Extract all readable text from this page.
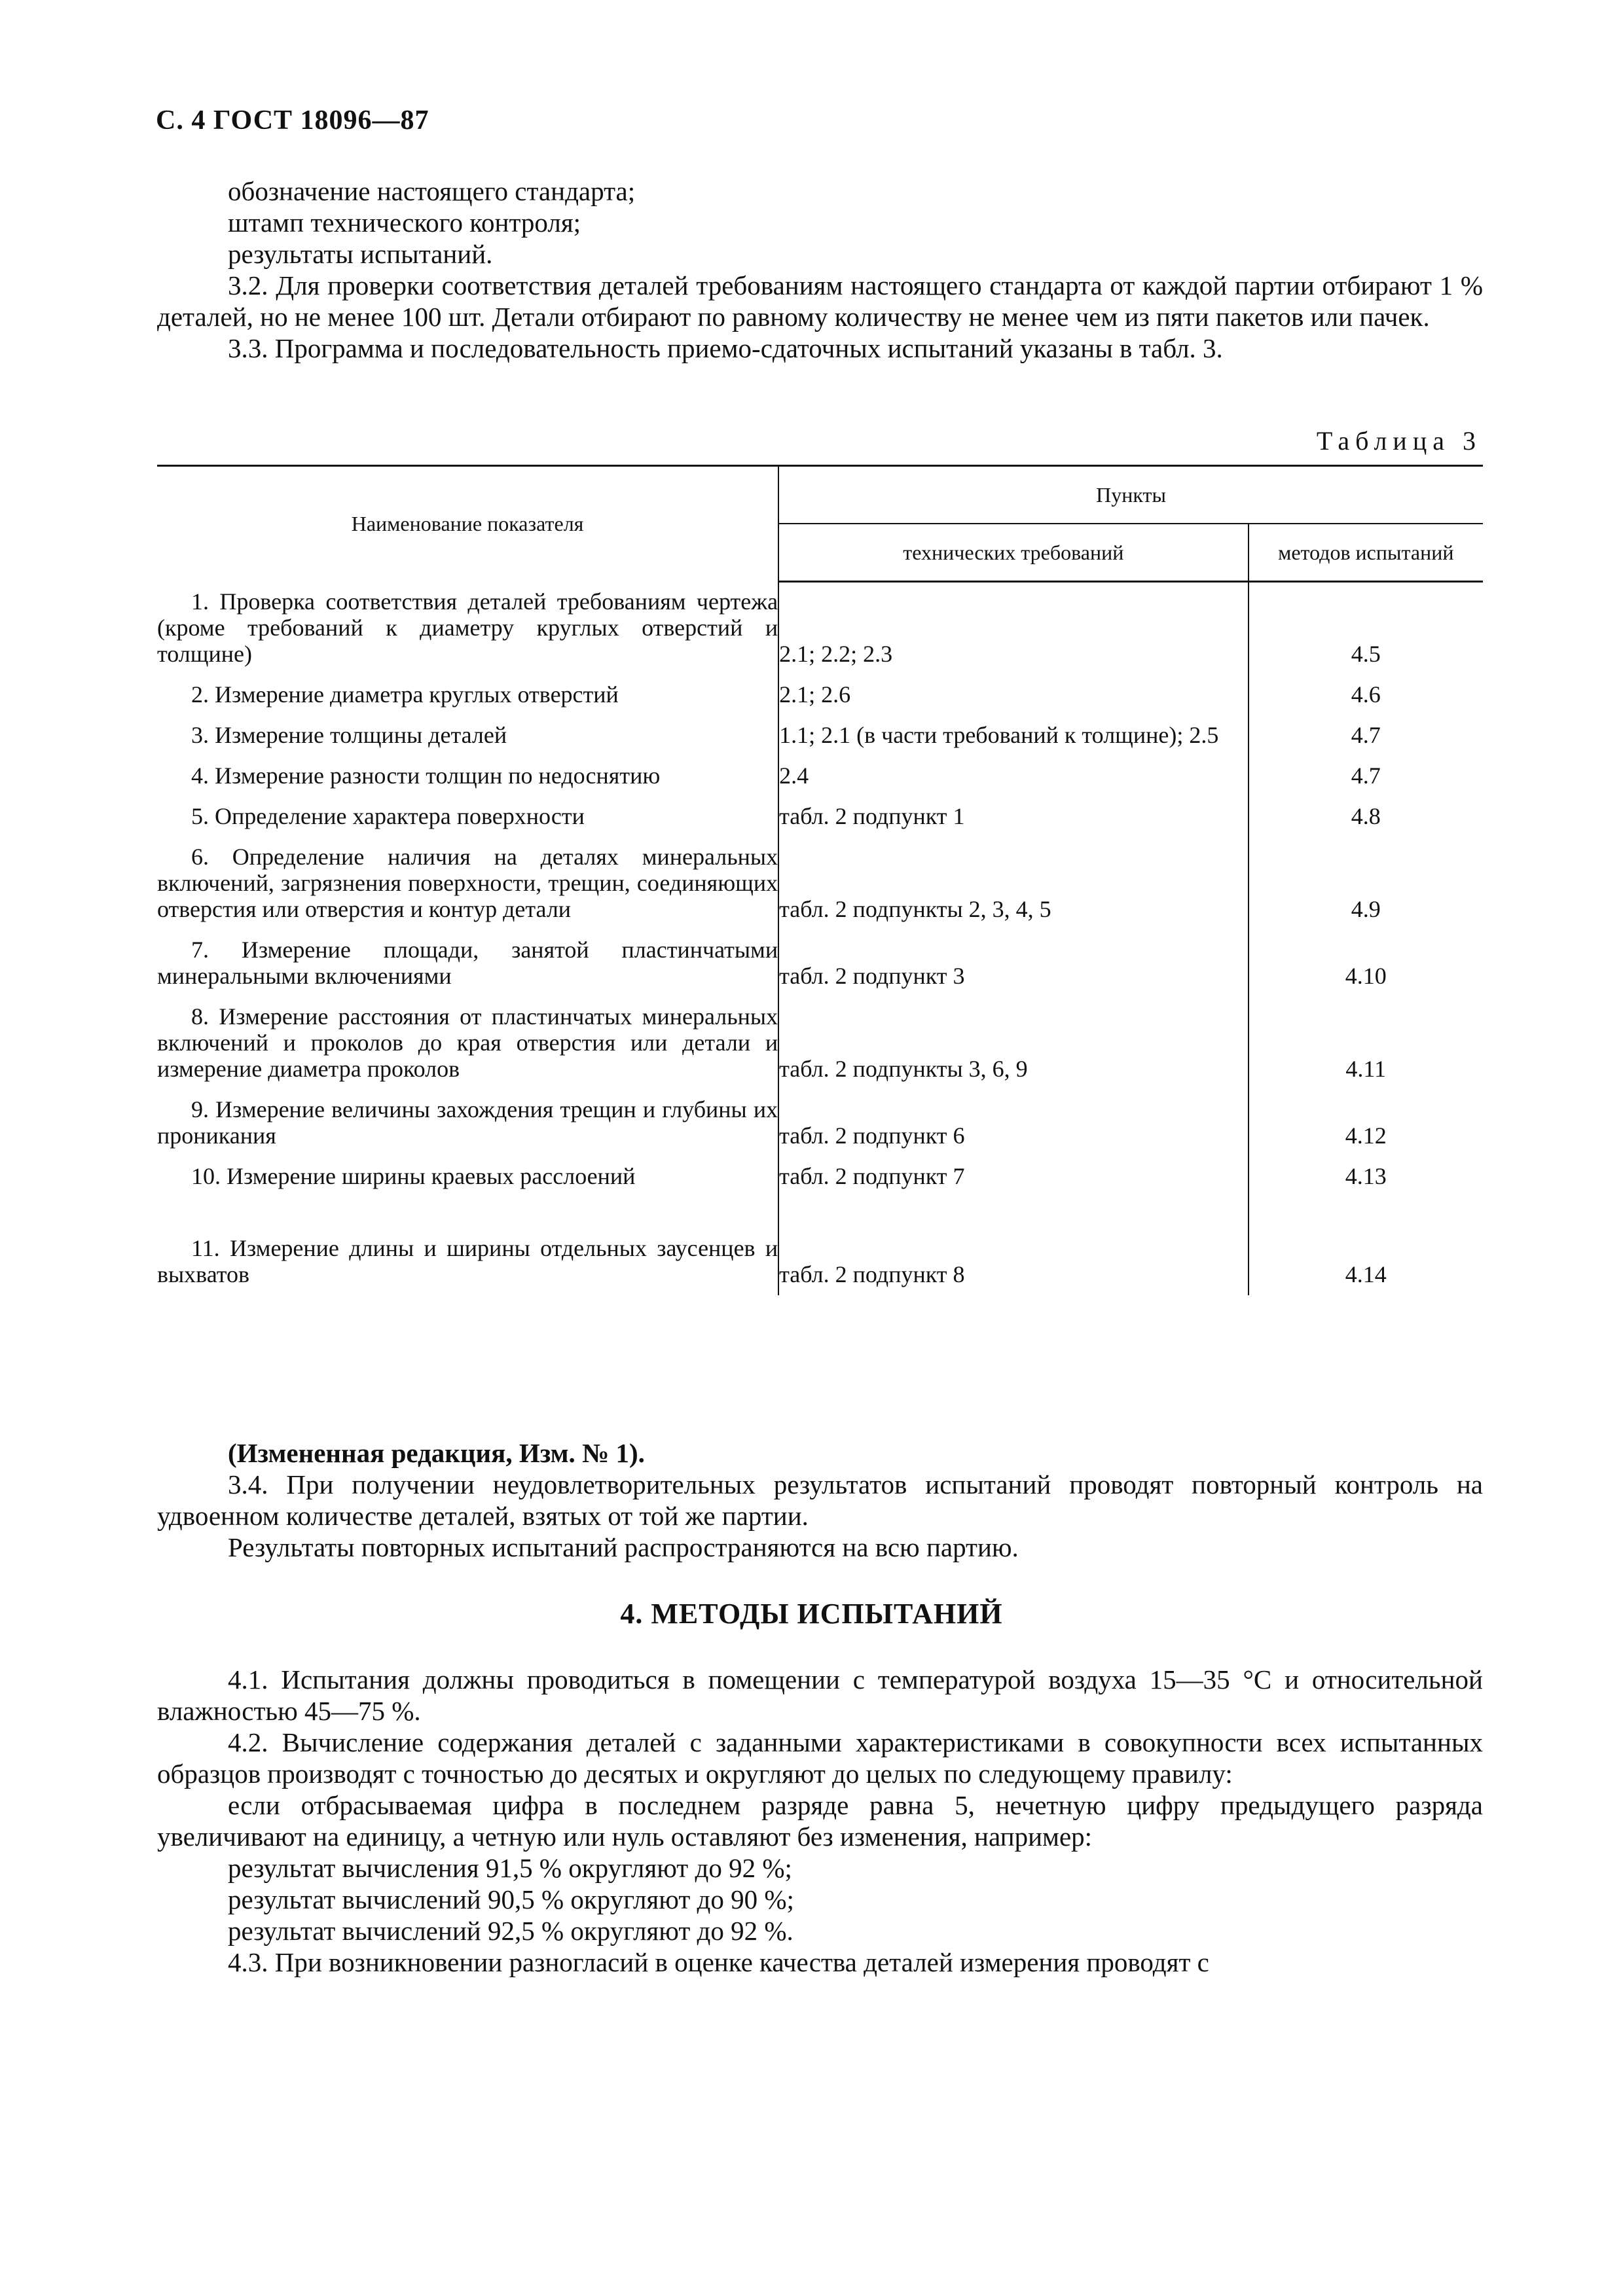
С. 4 ГОСТ 18096—87

обозначение настоящего стандарта;

штамп технического контроля;

результаты испытаний.

3.2. Для проверки соответствия деталей требованиям настоящего стандарта от каждой партии отбирают 1 % деталей, но не менее 100 шт. Детали отбирают по равному количеству не менее чем из пяти пакетов или пачек.

3.3. Программа и последовательность приемо-сдаточных испытаний указаны в табл. 3.

Таблица 3
Наименование показателя	Пункты	
	технических требований	методов испытаний
1. Проверка соответствия деталей требованиям чертежа (кроме требований к диаметру круглых отверстий и толщине)	2.1; 2.2; 2.3	4.5
2. Измерение диаметра круглых отверстий	2.1; 2.6	4.6
3. Измерение толщины деталей	1.1; 2.1 (в части требований к толщине); 2.5	4.7
4. Измерение разности толщин по недоснятию	2.4	4.7
5. Определение характера поверхности	табл. 2 подпункт 1	4.8
6. Определение наличия на деталях минеральных включений, загрязнения поверхности, трещин, соединяющих отверстия или отверстия и контур детали	табл. 2 подпункты 2, 3, 4, 5	4.9
7. Измерение площади, занятой пластинчатыми минеральными включениями	табл. 2 подпункт 3	4.10
8. Измерение расстояния от пластинчатых минеральных включений и проколов до края отверстия или детали и измерение диаметра проколов	табл. 2 подпункты 3, 6, 9	4.11
9. Измерение величины захождения трещин и глубины их проникания	табл. 2 подпункт 6	4.12
10. Измерение ширины краевых расслоений	табл. 2 подпункт 7	4.13
11. Измерение длины и ширины отдельных заусенцев и выхватов	табл. 2 подпункт 8	4.14

(Измененная редакция, Изм. № 1).

3.4. При получении неудовлетворительных результатов испытаний проводят повторный контроль на удвоенном количестве деталей, взятых от той же партии.

Результаты повторных испытаний распространяются на всю партию.

4. МЕТОДЫ ИСПЫТАНИЙ

4.1. Испытания должны проводиться в помещении с температурой воздуха 15—35 °С и относительной влажностью 45—75 %.

4.2. Вычисление содержания деталей с заданными характеристиками в совокупности всех испытанных образцов производят с точностью до десятых и округляют до целых по следующему правилу:

если отбрасываемая цифра в последнем разряде равна 5, нечетную цифру предыдущего разряда увеличивают на единицу, а четную или нуль оставляют без изменения, например:

результат вычисления 91,5 % округляют до 92 %;

результат вычислений 90,5 % округляют до 90 %;

результат вычислений 92,5 % округляют до 92 %.

4.3. При возникновении разногласий в оценке качества деталей измерения проводят с
